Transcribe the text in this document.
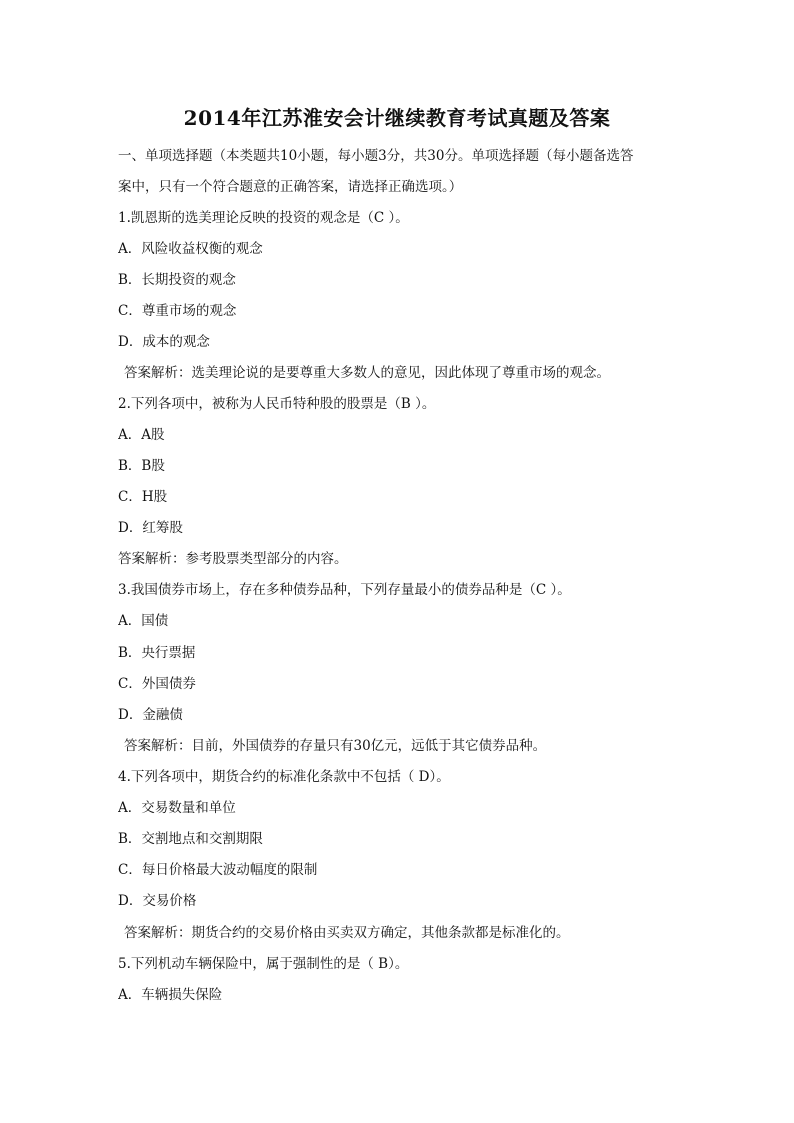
2014年江苏淮安会计继续教育考试真题及答案
一、单项选择题（本类题共10小题，每小题3分，共30分。单项选择题（每小题备选答
案中，只有一个符合题意的正确答案，请选择正确选项。）
1.凯恩斯的选美理论反映的投资的观念是（C ）。
A．风险收益权衡的观念
B．长期投资的观念
C．尊重市场的观念
D．成本的观念
答案解析：选美理论说的是要尊重大多数人的意见，因此体现了尊重市场的观念。
2.下列各项中，被称为人民币特种股的股票是（B ）。
A．A股
B．B股
C．H股
D．红筹股
答案解析：参考股票类型部分的内容。
3.我国债券市场上，存在多种债券品种，下列存量最小的债券品种是（C ）。
A．国债
B．央行票据
C．外国债券
D．金融债
答案解析：目前，外国债券的存量只有30亿元，远低于其它债券品种。
4.下列各项中，期货合约的标准化条款中不包括（ D）。
A．交易数量和单位
B．交割地点和交割期限
C．每日价格最大波动幅度的限制
D．交易价格
答案解析：期货合约的交易价格由买卖双方确定，其他条款都是标准化的。
5.下列机动车辆保险中，属于强制性的是（ B）。
A．车辆损失保险
